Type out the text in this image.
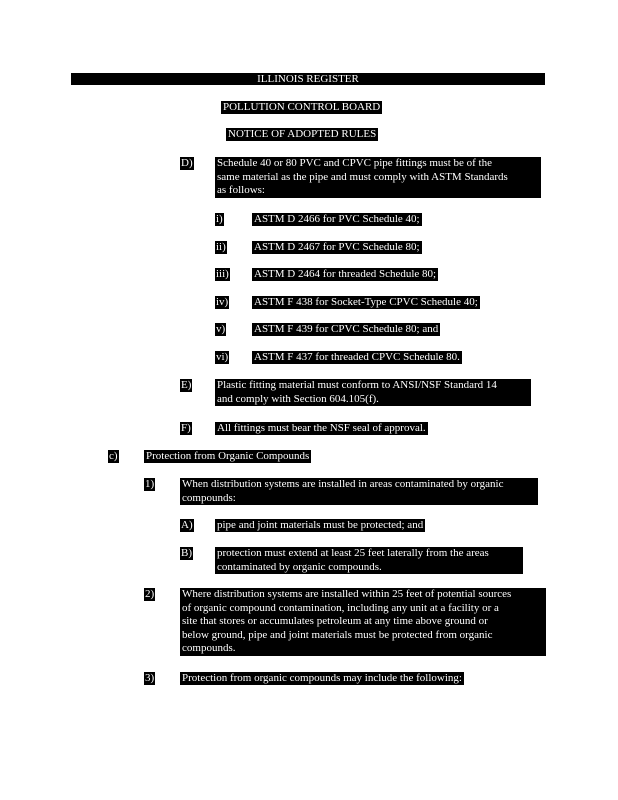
ILLINOIS REGISTER
POLLUTION CONTROL BOARD
NOTICE OF ADOPTED RULES
D) Schedule 40 or 80 PVC and CPVC pipe fittings must be of the
same material as the pipe and must comply with ASTM Standards
as follows:
i)	ASTM D 2466 for PVC Schedule 40;
ii)	ASTM D 2467 for PVC Schedule 80;
iii) ASTM D 2464 for threaded Schedule 80;
iv) ASTM F 438 for Socket-Type CPVC Schedule 40;
v)	ASTM F 439 for CPVC Schedule 80; and
vi) ASTM F 437 for threaded CPVC Schedule 80.
E) Plastic fitting material must conform to ANSI/NSF Standard 14
and comply with Section 604.105(f).
F) All fittings must bear the NSF seal of approval.
c)	Protection from Organic Compounds
1)	When distribution systems are installed in areas contaminated by organic
compounds:
A) pipe and joint materials must be protected; and
B) protection must extend at least 25 feet laterally from the areas
contaminated by organic compounds.
2)	Where distribution systems are installed within 25 feet of potential sources
of organic compound contamination, including any unit at a facility or a
site that stores or accumulates petroleum at any time above ground or
below ground, pipe and joint materials must be protected from organic
compounds.
3)	Protection from organic compounds may include the following:
